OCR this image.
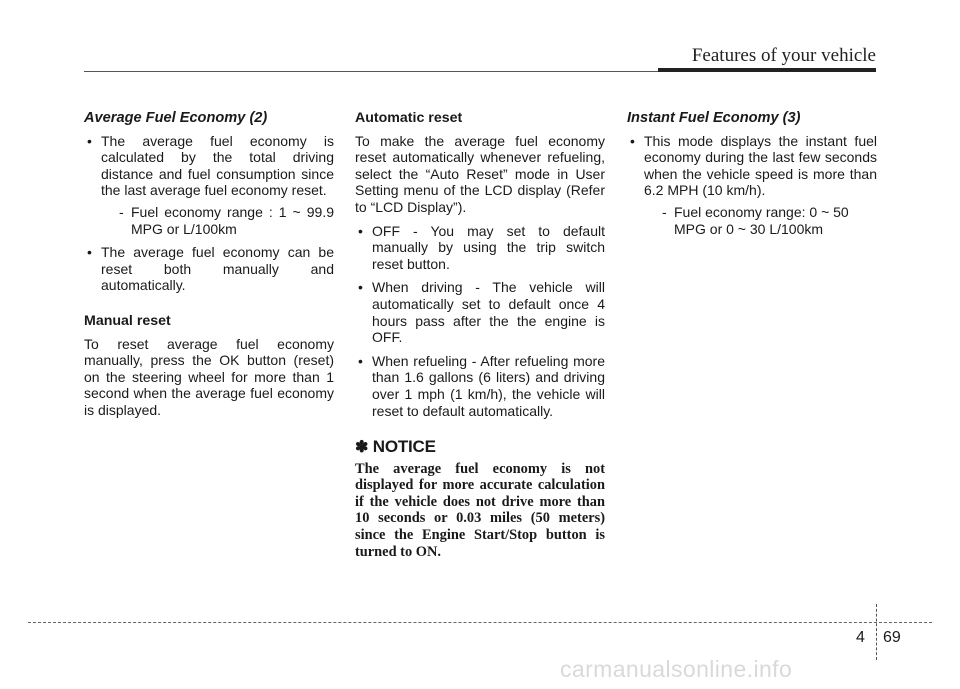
Features of your vehicle
Average Fuel Economy (2)
• The average fuel economy is calculated by the total driving distance and fuel consumption since the last average fuel economy reset.
- Fuel economy range : 1 ~ 99.9 MPG or L/100km
• The average fuel economy can be reset both manually and automatically.
Manual reset

To reset average fuel economy manually, press the OK button (reset) on the steering wheel for more than 1 second when the average fuel economy is displayed.

Automatic reset

To make the average fuel economy reset automatically whenever refueling, select the “Auto Reset” mode in User Setting menu of the LCD display (Refer to “LCD Display”).

• OFF - You may set to default manually by using the trip switch reset button.
• When driving - The vehicle will automatically set to default once 4 hours pass after the the engine is OFF.
• When refueling - After refueling more than 1.6 gallons (6 liters) and driving over 1 mph (1 km/h), the vehicle will reset to default automatically.
✽ NOTICE
The average fuel economy is not displayed for more accurate calculation if the vehicle does not drive more than 10 seconds or 0.03 miles (50 meters) since the Engine Start/Stop button is turned to ON.
Instant Fuel Economy (3)
• This mode displays the instant fuel economy during the last few seconds when the vehicle speed is more than 6.2 MPH (10 km/h).
- Fuel economy range: 0 ~ 50 MPG or 0 ~ 30 L/100km
4 69
carmanualsonline.info
